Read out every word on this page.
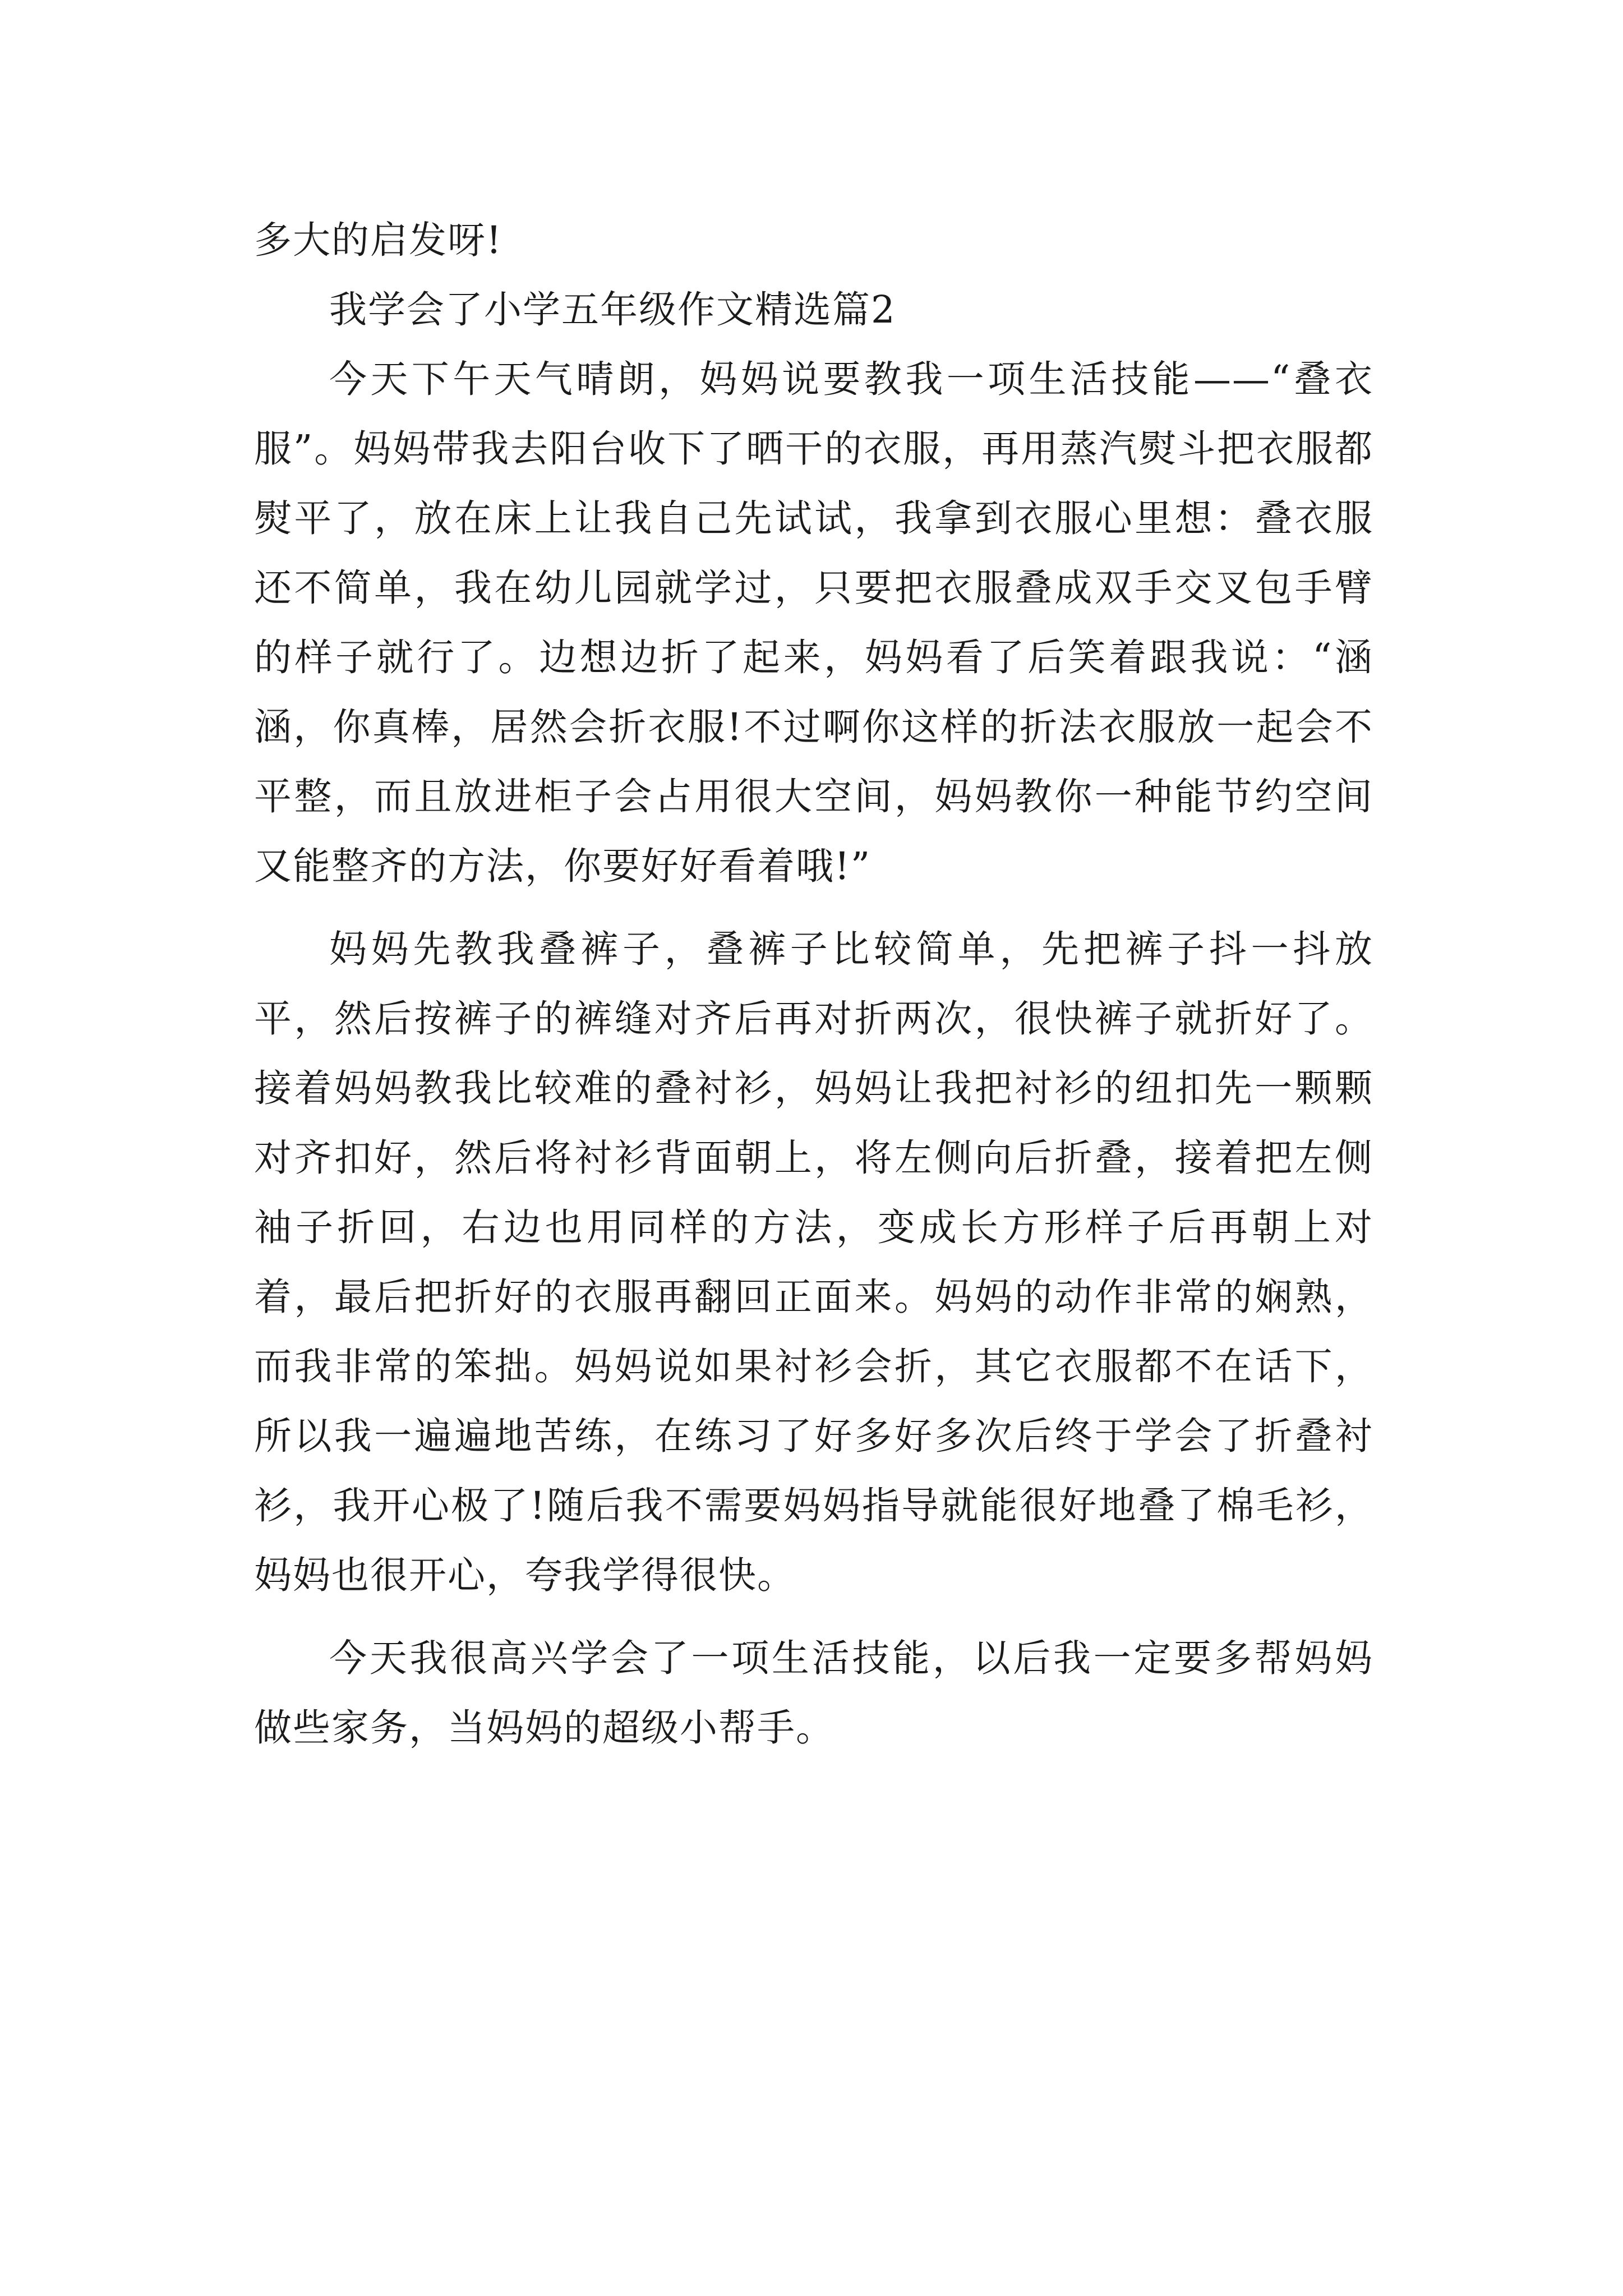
多大的启发呀!

我学会了小学五年级作文精选篇2

今天下午天气晴朗，妈妈说要教我一项生活技能——“叠衣服”。妈妈带我去阳台收下了晒干的衣服，再用蒸汽熨斗把衣服都熨平了，放在床上让我自己先试试，我拿到衣服心里想：叠衣服还不简单，我在幼儿园就学过，只要把衣服叠成双手交叉包手臂的样子就行了。边想边折了起来，妈妈看了后笑着跟我说：“涵涵，你真棒，居然会折衣服!不过啊你这样的折法衣服放一起会不平整，而且放进柜子会占用很大空间，妈妈教你一种能节约空间又能整齐的方法，你要好好看着哦!”

妈妈先教我叠裤子，叠裤子比较简单，先把裤子抖一抖放平，然后按裤子的裤缝对齐后再对折两次，很快裤子就折好了。接着妈妈教我比较难的叠衬衫，妈妈让我把衬衫的纽扣先一颗颗对齐扣好，然后将衬衫背面朝上，将左侧向后折叠，接着把左侧袖子折回，右边也用同样的方法，变成长方形样子后再朝上对着，最后把折好的衣服再翻回正面来。妈妈的动作非常的娴熟，而我非常的笨拙。妈妈说如果衬衫会折，其它衣服都不在话下，所以我一遍遍地苦练，在练习了好多好多次后终于学会了折叠衬衫，我开心极了!随后我不需要妈妈指导就能很好地叠了棉毛衫，妈妈也很开心，夸我学得很快。

今天我很高兴学会了一项生活技能，以后我一定要多帮妈妈做些家务，当妈妈的超级小帮手。
